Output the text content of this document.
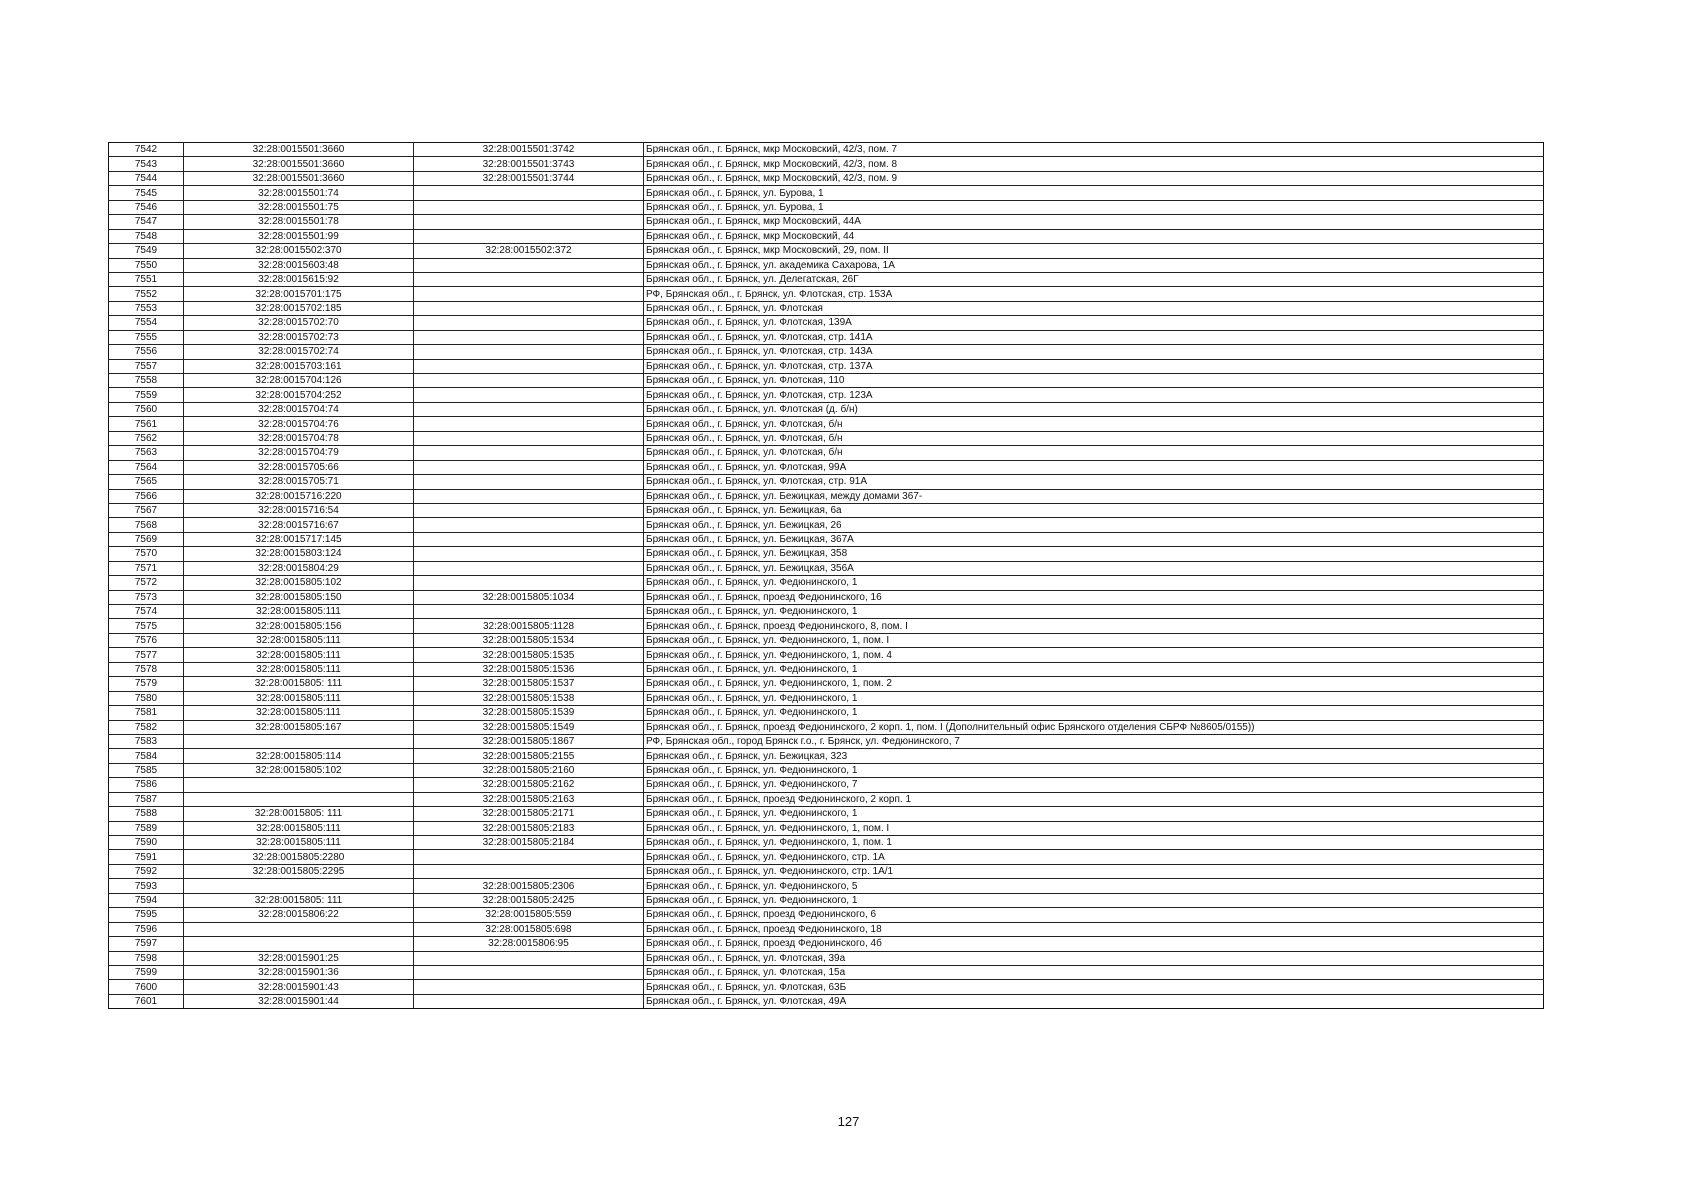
7542	32:28:0015501:3660	32:28:0015501:3742	Брянская обл., г. Брянск, мкр Московский, 42/3, пом. 7
7543	32:28:0015501:3660	32:28:0015501:3743	Брянская обл., г. Брянск, мкр Московский, 42/3, пом. 8
7544	32:28:0015501:3660	32:28:0015501:3744	Брянская обл., г. Брянск, мкр Московский, 42/3, пом. 9
7545	32:28:0015501:74		Брянская обл., г. Брянск, ул. Бурова, 1
7546	32:28:0015501:75		Брянская обл., г. Брянск, ул. Бурова, 1
7547	32:28:0015501:78		Брянская обл., г. Брянск, мкр Московский, 44А
7548	32:28:0015501:99		Брянская обл., г. Брянск, мкр Московский, 44
7549	32:28:0015502:370	32:28:0015502:372	Брянская обл., г. Брянск, мкр Московский, 29, пом. II
7550	32:28:0015603:48		Брянская обл., г. Брянск, ул. академика Сахарова, 1А
7551	32:28:0015615:92		Брянская обл., г. Брянск, ул. Делегатская, 26Г
7552	32:28:0015701:175		РФ, Брянская обл., г. Брянск, ул. Флотская, стр. 153А
7553	32:28:0015702:185		Брянская обл., г. Брянск, ул. Флотская
7554	32:28:0015702:70		Брянская обл., г. Брянск, ул. Флотская, 139А
7555	32:28:0015702:73		Брянская обл., г. Брянск, ул. Флотская, стр. 141А
7556	32:28:0015702:74		Брянская обл., г. Брянск, ул. Флотская, стр. 143А
7557	32:28:0015703:161		Брянская обл., г. Брянск, ул. Флотская, стр. 137А
7558	32:28:0015704:126		Брянская обл., г. Брянск, ул. Флотская, 110
7559	32:28:0015704:252		Брянская обл., г. Брянск, ул. Флотская, стр. 123А
7560	32:28:0015704:74		Брянская обл., г. Брянск, ул. Флотская (д. б/н)
7561	32:28:0015704:76		Брянская обл., г. Брянск, ул. Флотская, б/н
7562	32:28:0015704:78		Брянская обл., г. Брянск, ул. Флотская, б/н
7563	32:28:0015704:79		Брянская обл., г. Брянск, ул. Флотская, б/н
7564	32:28:0015705:66		Брянская обл., г. Брянск, ул. Флотская, 99А
7565	32:28:0015705:71		Брянская обл., г. Брянск, ул. Флотская, стр. 91А
7566	32:28:0015716:220		Брянская обл., г. Брянск, ул. Бежицкая, между домами 367-
7567	32:28:0015716:54		Брянская обл., г. Брянск, ул. Бежицкая, 6а
7568	32:28:0015716:67		Брянская обл., г. Брянск, ул. Бежицкая, 26
7569	32:28:0015717:145		Брянская обл., г. Брянск, ул. Бежицкая, 367А
7570	32:28:0015803:124		Брянская обл., г. Брянск, ул. Бежицкая, 358
7571	32:28:0015804:29		Брянская обл., г. Брянск, ул. Бежицкая, 356А
7572	32:28:0015805:102		Брянская обл., г. Брянск, ул. Федюнинского, 1
7573	32:28:0015805:150	32:28:0015805:1034	Брянская обл., г. Брянск, проезд Федюнинского, 16
7574	32:28:0015805:111		Брянская обл., г. Брянск, ул. Федюнинского, 1
7575	32:28:0015805:156	32:28:0015805:1128	Брянская обл., г. Брянск, проезд Федюнинского, 8, пом. I
7576	32:28:0015805:111	32:28:0015805:1534	Брянская обл., г. Брянск, ул. Федюнинского, 1, пом. I
7577	32:28:0015805:111	32:28:0015805:1535	Брянская обл., г. Брянск, ул. Федюнинского, 1, пом. 4
7578	32:28:0015805:111	32:28:0015805:1536	Брянская обл., г. Брянск, ул. Федюнинского, 1
7579	32:28:0015805: 111	32:28:0015805:1537	Брянская обл., г. Брянск, ул. Федюнинского, 1, пом. 2
7580	32:28:0015805:111	32:28:0015805:1538	Брянская обл., г. Брянск, ул. Федюнинского, 1
7581	32:28:0015805:111	32:28:0015805:1539	Брянская обл., г. Брянск, ул. Федюнинского, 1
7582	32:28:0015805:167	32:28:0015805:1549	Брянская обл., г. Брянск, проезд Федюнинского, 2 корп. 1, пом. I (Дополнительный офис Брянского отделения СБРФ №8605/0155))
7583		32:28:0015805:1867	РФ, Брянская обл., город Брянск г.о., г. Брянск, ул. Федюнинского, 7
7584	32:28:0015805:114	32:28:0015805:2155	Брянская обл., г. Брянск, ул. Бежицкая, 323
7585	32:28:0015805:102	32:28:0015805:2160	Брянская обл., г. Брянск, ул. Федюнинского, 1
7586		32:28:0015805:2162	Брянская обл., г. Брянск, ул. Федюнинского, 7
7587		32:28:0015805:2163	Брянская обл., г. Брянск, проезд Федюнинского, 2 корп. 1
7588	32:28:0015805: 111	32:28:0015805:2171	Брянская обл., г. Брянск, ул. Федюнинского, 1
7589	32:28:0015805:111	32:28:0015805:2183	Брянская обл., г. Брянск, ул. Федюнинского, 1, пом. I
7590	32:28:0015805:111	32:28:0015805:2184	Брянская обл., г. Брянск, ул. Федюнинского, 1, пом. 1
7591	32:28:0015805:2280		Брянская обл., г. Брянск, ул. Федюнинского, стр. 1А
7592	32:28:0015805:2295		Брянская обл., г. Брянск, ул. Федюнинского, стр. 1А/1
7593		32:28:0015805:2306	Брянская обл., г. Брянск, ул. Федюнинского, 5
7594	32:28:0015805: 111	32:28:0015805:2425	Брянская обл., г. Брянск, ул. Федюнинского, 1
7595	32:28:0015806:22	32:28:0015805:559	Брянская обл., г. Брянск, проезд Федюнинского, 6
7596		32:28:0015805:698	Брянская обл., г. Брянск, проезд Федюнинского, 18
7597		32:28:0015806:95	Брянская обл., г. Брянск, проезд Федюнинского, 4б
7598	32:28:0015901:25		Брянская обл., г. Брянск, ул. Флотская, 39а
7599	32:28:0015901:36		Брянская обл., г. Брянск, ул. Флотская, 15а
7600	32:28:0015901:43		Брянская обл., г. Брянск, ул. Флотская, 63Б
7601	32:28:0015901:44		Брянская обл., г. Брянск, ул. Флотская, 49А
127
